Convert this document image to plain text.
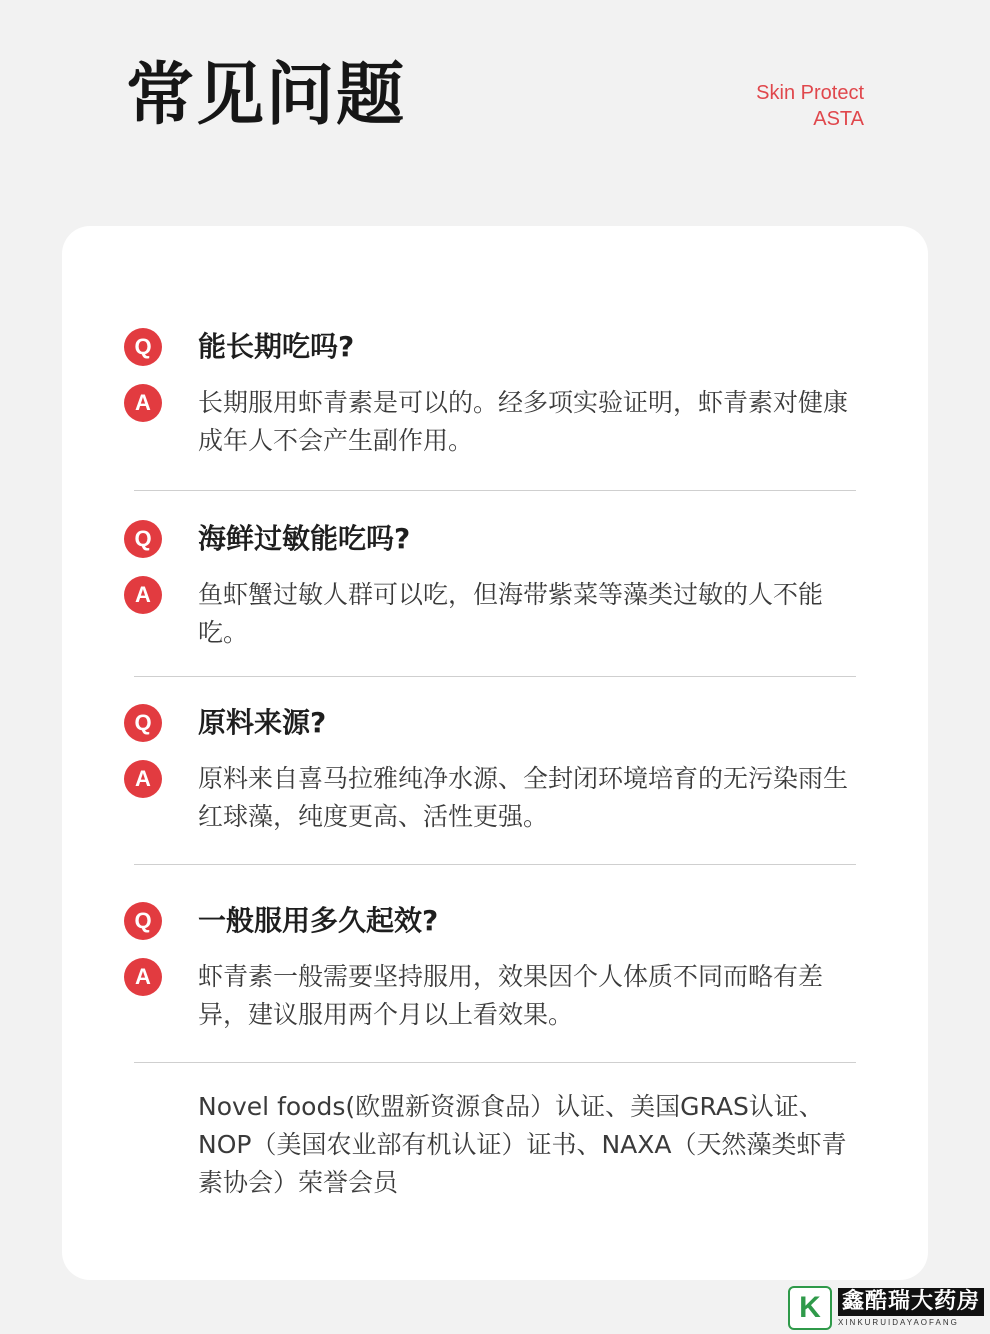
常见问题	Skin Protect
ASTA
Q	能长期吃吗?
A	长期服用虾青素是可以的。经多项实验证明，虾青素对健康成年人不会产生副作用。
Q	海鲜过敏能吃吗?
A	鱼虾蟹过敏人群可以吃，但海带紫菜等藻类过敏的人不能吃。
Q	原料来源?
A	原料来自喜马拉雅纯净水源、全封闭环境培育的无污染雨生红球藻，纯度更高、活性更强。
Q	一般服用多久起效?
A	虾青素一般需要坚持服用，效果因个人体质不同而略有差异，建议服用两个月以上看效果。
Novel foods(欧盟新资源食品）认证、美国GRAS认证、NOP（美国农业部有机认证）证书、NAXA（天然藻类虾青素协会）荣誉会员
K 鑫酷瑞大药房
XINKURUIDAYAOFANG
